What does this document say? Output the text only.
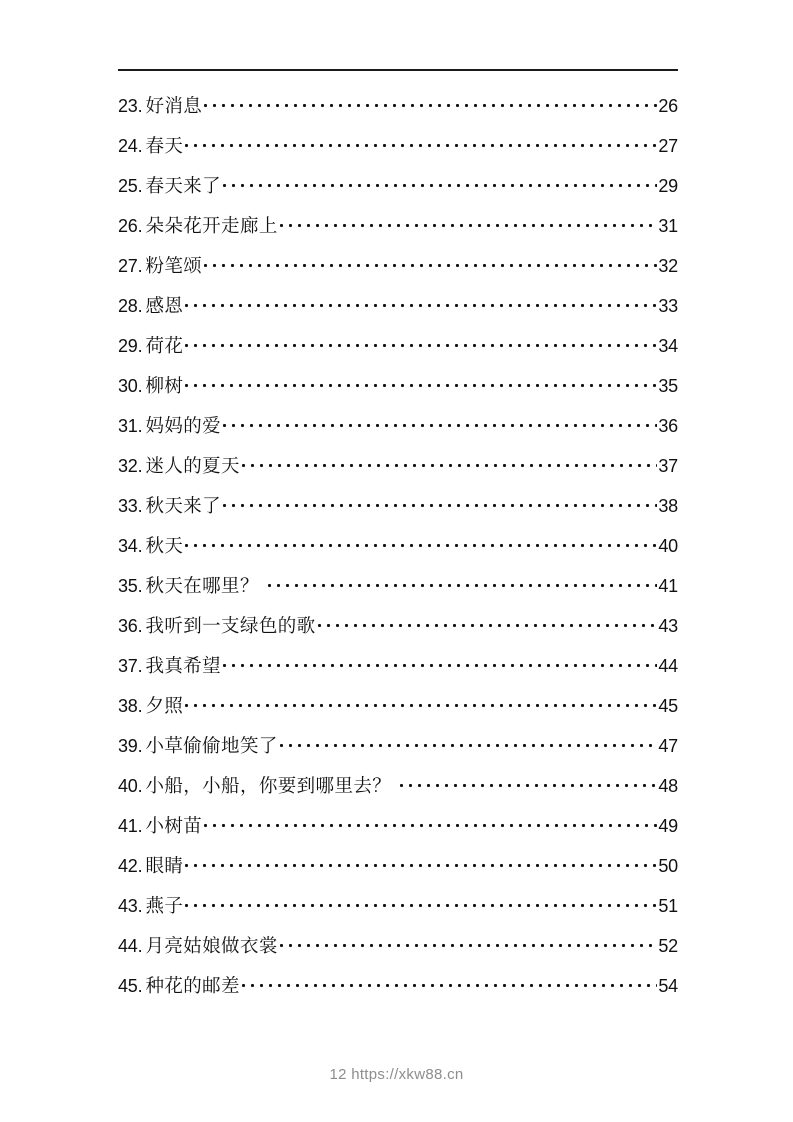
23. 好消息	26
24. 春天	27
25. 春天来了	29
26. 朵朵花开走廊上	31
27. 粉笔颂	32
28. 感恩	33
29. 荷花	34
30. 柳树	35
31. 妈妈的爱	36
32. 迷人的夏天	37
33. 秋天来了	38
34. 秋天	40
35. 秋天在哪里？	41
36. 我听到一支绿色的歌	43
37. 我真希望	44
38. 夕照	45
39. 小草偷偷地笑了	47
40. 小船，小船，你要到哪里去？	48
41. 小树苗	49
42. 眼睛	50
43. 燕子	51
44. 月亮姑娘做衣裳	52
45. 种花的邮差	54
12 https://xkw88.cn
